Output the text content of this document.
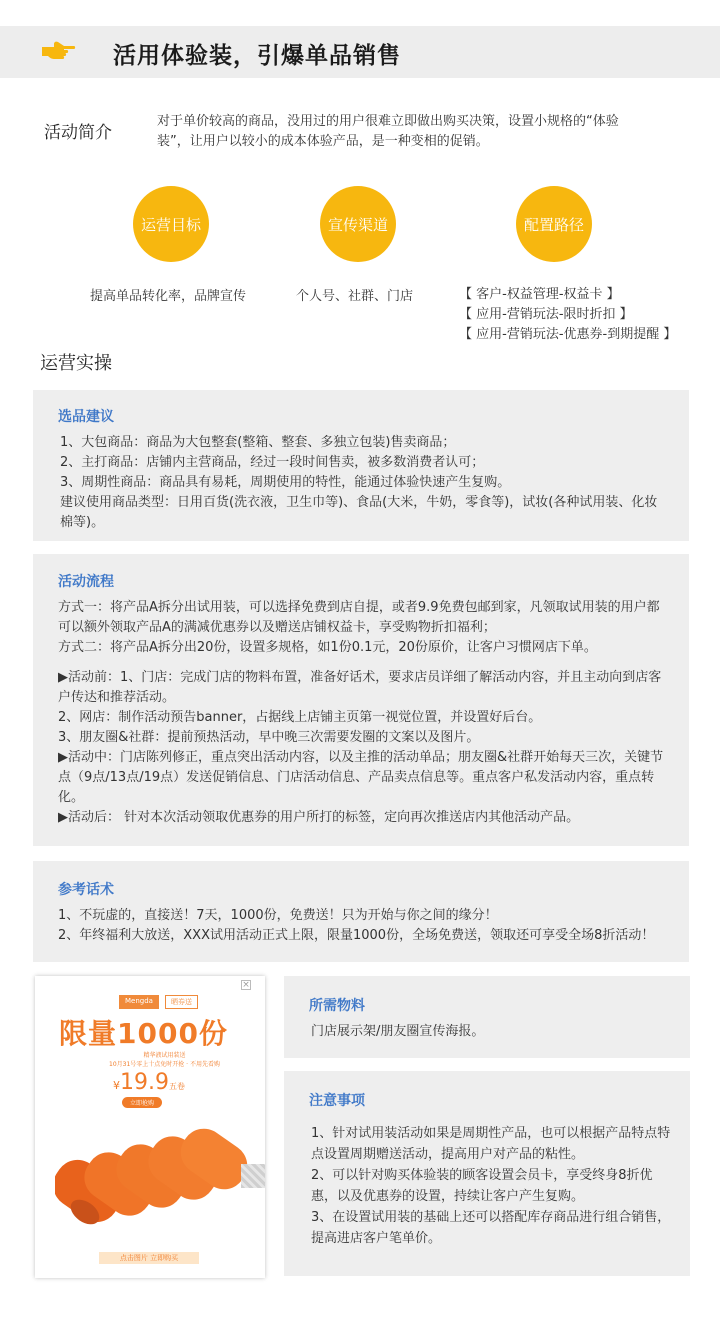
活用体验装，引爆单品销售
活动简介
对于单价较高的商品，没用过的用户很难立即做出购买决策，设置小规格的“体验装”，让用户以较小的成本体验产品，是一种变相的促销。
运营目标	宣传渠道	配置路径
提高单品转化率，品牌宣传	个人号、社群、门店	【 客户-权益管理-权益卡 】
【 应用-营销玩法-限时折扣 】
【 应用-营销玩法-优惠券-到期提醒 】
运营实操
选品建议

1、大包商品：商品为大包整套(整箱、整套、多独立包装)售卖商品；

2、主打商品：店铺内主营商品，经过一段时间售卖，被多数消费者认可；

3、周期性商品：商品具有易耗，周期使用的特性，能通过体验快速产生复购。

建议使用商品类型：日用百货(洗衣液，卫生巾等)、食品(大米，牛奶，零食等)，试妆(各种试用装、化妆棉等)。

活动流程

方式一：将产品A拆分出试用装，可以选择免费到店自提，或者9.9免费包邮到家，凡领取试用装的用户都可以额外领取产品A的满减优惠券以及赠送店铺权益卡，享受购物折扣福利；

方式二：将产品A拆分出20份，设置多规格，如1份0.1元，20份原价，让客户习惯网店下单。

▶活动前：1、门店：完成门店的物料布置，准备好话术，要求店员详细了解活动内容，并且主动向到店客户传达和推荐活动。

2、网店：制作活动预告banner，占据线上店铺主页第一视觉位置，并设置好后台。

3、朋友圈&社群：提前预热活动，早中晚三次需要发圈的文案以及图片。

▶活动中：门店陈列修正，重点突出活动内容，以及主推的活动单品；朋友圈&社群开始每天三次，关键节点（9点/13点/19点）发送促销信息、门店活动信息、产品卖点信息等。重点客户私发活动内容，重点转化。

▶活动后： 针对本次活动领取优惠券的用户所打的标签，定向再次推送店内其他活动产品。

参考话术

1、不玩虚的，直接送！7天，1000份，免费送！只为开始与你之间的缘分！

2、年终福利大放送，XXX试用活动正式上限，限量1000份，全场免费送，领取还可享受全场8折活动！

×
Mengda	晒券送
限量1000份
精华液试用装送
10月31号零上十点免时开抢 · 不用先看购
¥19.9五卷
立即抢购
点击图片 立即购买
所需物料
门店展示架/朋友圈宣传海报。
注意事项

1、针对试用装活动如果是周期性产品，也可以根据产品特点特点设置周期赠送活动，提高用户对产品的粘性。

2、可以针对购买体验装的顾客设置会员卡，享受终身8折优惠，以及优惠券的设置，持续让客户产生复购。

3、在设置试用装的基础上还可以搭配库存商品进行组合销售，提高进店客户笔单价。
